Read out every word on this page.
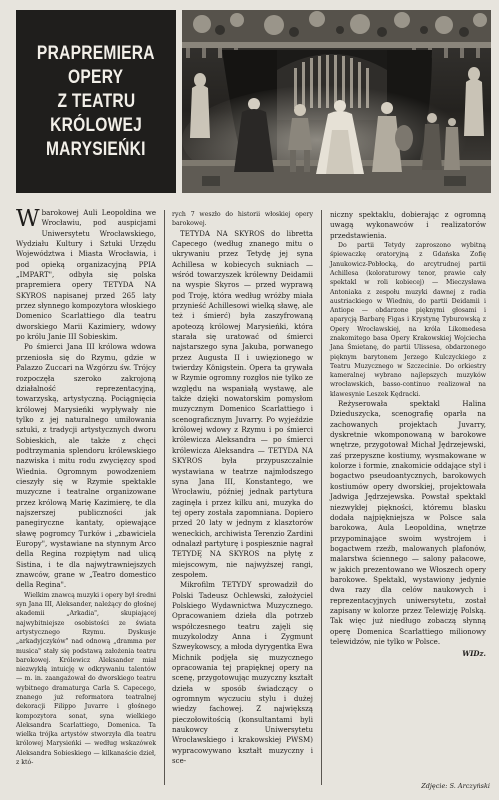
PRAPREMIERA
OPERY
Z TEATRU
KRÓLOWEJ
MARYSIEŃKI

Wbarokowej Auli Leopoldina we Wrocławiu, pod auspicjami Uniwersytetu Wrocławskiego, Wydziału Kultury i Sztuki Urzędu Województwa i Miasta Wrocławia, i pod opieką organizacyjną PPIA „IMPART", odbyła się polska prapremiera opery TETYDA NA SKYROS napisanej przed 265 laty przez słynnego kompozytora włoskiego Domenico Scarlattiego dla teatru dworskiego Marii Kazimiery, wdowy po królu Janie III Sobieskim.

Po śmierci Jana III królowa wdowa przeniosła się do Rzymu, gdzie w Palazzo Zuccari na Wzgórzu św. Trójcy rozpoczęła szeroko zakrojoną działalność reprezentacyjną, towarzyską, artystyczną. Pociągnięcia królowej Marysieńki wypływały nie tylko z jej naturalnego umiłowania sztuki, z tradycji artystycznych dworu Sobieskich, ale także z chęci podtrzymania splendoru królewskiego nazwiska i mitu rodu zwycięzcy spod Wiednia. Ogromnym powodzeniem cieszyły się w Rzymie spektakle muzyczne i teatralne organizowane przez królową Marię Kazimierę, te dla najszerszej publiczności jak panegiryczne kantaty, opiewające sławę pogromcy Turków i „zbawiciela Europy", wystawiane na stynnym Arco della Regina rozpiętym nad ulicą Sistina, i te dla najwytrawniejszych znawców, grane w „Teatro domestico della Regina".

Wielkim znawcą muzyki i opery był średni syn Jana III, Aleksander, należący do głośnej akademii „Arkadia", skupiającej najwybitniejsze osobistości ze świata artystycznego Rzymu. Dyskusje „arkadyjczyków" nad odnową „dramma per musica" stały się podstawą założenia teatru barokowej. Królewicz Aleksander miał niezwykłą intuicję w odkrywaniu talentów — m. in. zaangażował do dworskiego teatru wybitnego dramaturga Carla S. Capecego, znanego już reformatora teatralnej dekoracji Filippo Juvarre i głośnego kompozytora sonat, syna wielkiego Aleksandra Scarlattiego, Domenica. Ta wielka trójka artystów stworzyła dla teatru królowej Marysieńki — według wskazówek Aleksandra Sobieskiego — kilkanaście dzieł, z któ-

rych 7 weszło do historii włoskiej opery barokowej.

TETYDA NA SKYROS do libretta Capecego (według znanego mitu o ukrywaniu przez Tetydę jej syna Achillesa w kobiecych sukniach — wśród towarzyszek królewny Deidamii na wyspie Skyros — przed wyprawą pod Troję, która według wróżby miała przynieść Achillesowi wielką sławę, ale też i śmierć) była zaszyfrowaną apoteozą królowej Marysieńki, która starała się uratować od śmierci najstarszego syna Jakuba, porwanego przez Augusta II i uwięzionego w twierdzy Königstein. Opera ta grywała w Rzymie ogromny rozgłos nie tylko ze względu na wspaniałą wystawę, ale także dzięki nowatorskim pomysłom muzycznym Domenico Scarlattiego i scenograficznym Juvarry. Po wyjeździe królowej wdowy z Rzymu i po śmierci królewicza Aleksandra — po śmierci królewicza Aleksandra — TETYDA NA SKYROS była przypuszczalnie wystawiana w teatrze najmłodszego syna Jana III, Konstantego, we Wrocławiu, później jednak partytura zaginęła i przez kilku ani, muzyka do tej opery została zapomniana. Dopiero przed 20 laty w jednym z klasztorów weneckich, archiwista Terenzio Zardini odnalazł partyturę i pospiesznie nagrał TETYDĘ NA SKYROS na płytę z miejscowym, nie najwyższej rangi, zespołem.

Mikrofilm TETYDY sprowadził do Polski Tadeusz Ochlewski, założyciel Polskiego Wydawnictwa Muzycznego. Opracowaniem dzieła dla potrzeb współczesnego teatru zajęli się muzykolodzy Anna i Zygmunt Szweykowscy, a młoda dyrygentka Ewa Michnik podjęła się muzycznego opracowania tej prapięknej opery na scenę, przygotowując muzyczny kształt dzieła w sposób świadczący o ogromnym wyczuciu stylu i dużej wiedzy fachowej. Z największą pieczołowitością (konsultantami byli naukowcy z Uniwersytetu Wrocławskiego i krakowskiej PWSM) wypracowywano kształt muzyczny i sce-

niczny spektaklu, dobierając z ogromną uwagą wykonawców i realizatorów przedstawienia.

Do partii Tetydy zaproszono wybitną śpiewaczkę oratoryjną z Gdańska Zofię Janukowicz-Pobłocką, do arcytrudnej partii Achillesa (koloraturowy tenor, prawie cały spektakl w roli kobiecej) — Mieczysława Antoniaka z zespołu muzyki dawnej z radia austriackiego w Wiedniu, do partii Deidamii i Antiope — obdarzone pięknymi głosami i aparycją Barbarę Figas i Krystynę Tyburowską z Opery Wrocławskiej, na króla Likomedesa znakomitego basa Opery Krakowskiej Wojciecha Jana Śmietanę, do partii Ulissesa, obdarzonego pięknym barytonem Jerzego Kulczyckiego z Teatru Muzycznego w Szczecinie. Do orkiestry kameralnej wybrano najlepszych muzyków wrocławskich, basso-continuo realizował na klawesynie Leszek Kędracki.

Reżyserowała spektakl Halina Dzieduszycka, scenografię oparła na zachowanych projektach Juvarry, dyskretnie wkomponowaną w barokowe wnętrze, przygotował Michał Jędrzejewski, zaś przepyszne kostiumy, wysmakowane w kolorze i formie, znakomicie oddające styl i bogactwo pseudoantycznych, barokowych kostiumów opery dworskiej, projektowała Jadwiga Jędrzejewska. Powstał spektakl niezwykłej piękności, któremu blasku dodała najpiękniejsza w Polsce sala barokowa, Aula Leopoldina, wnętrze przypominające swoim wystrojem i bogactwem rzeźb, malowanych plafonów, malarstwa ściennego — salony pałacowe, w jakich prezentowano we Włoszech opery barokowe. Spektakl, wystawiony jedynie dwa razy dla celów naukowych i reprezentacyjnych uniwersytetu, został zapisany w kolorze przez Telewizję Polską. Tak więc już niedługo zobaczą słynną operę Domenica Scarlattiego milionowy telewidzów, nie tylko w Polsce.

WIDz.
Zdjęcie: S. Arczyński
